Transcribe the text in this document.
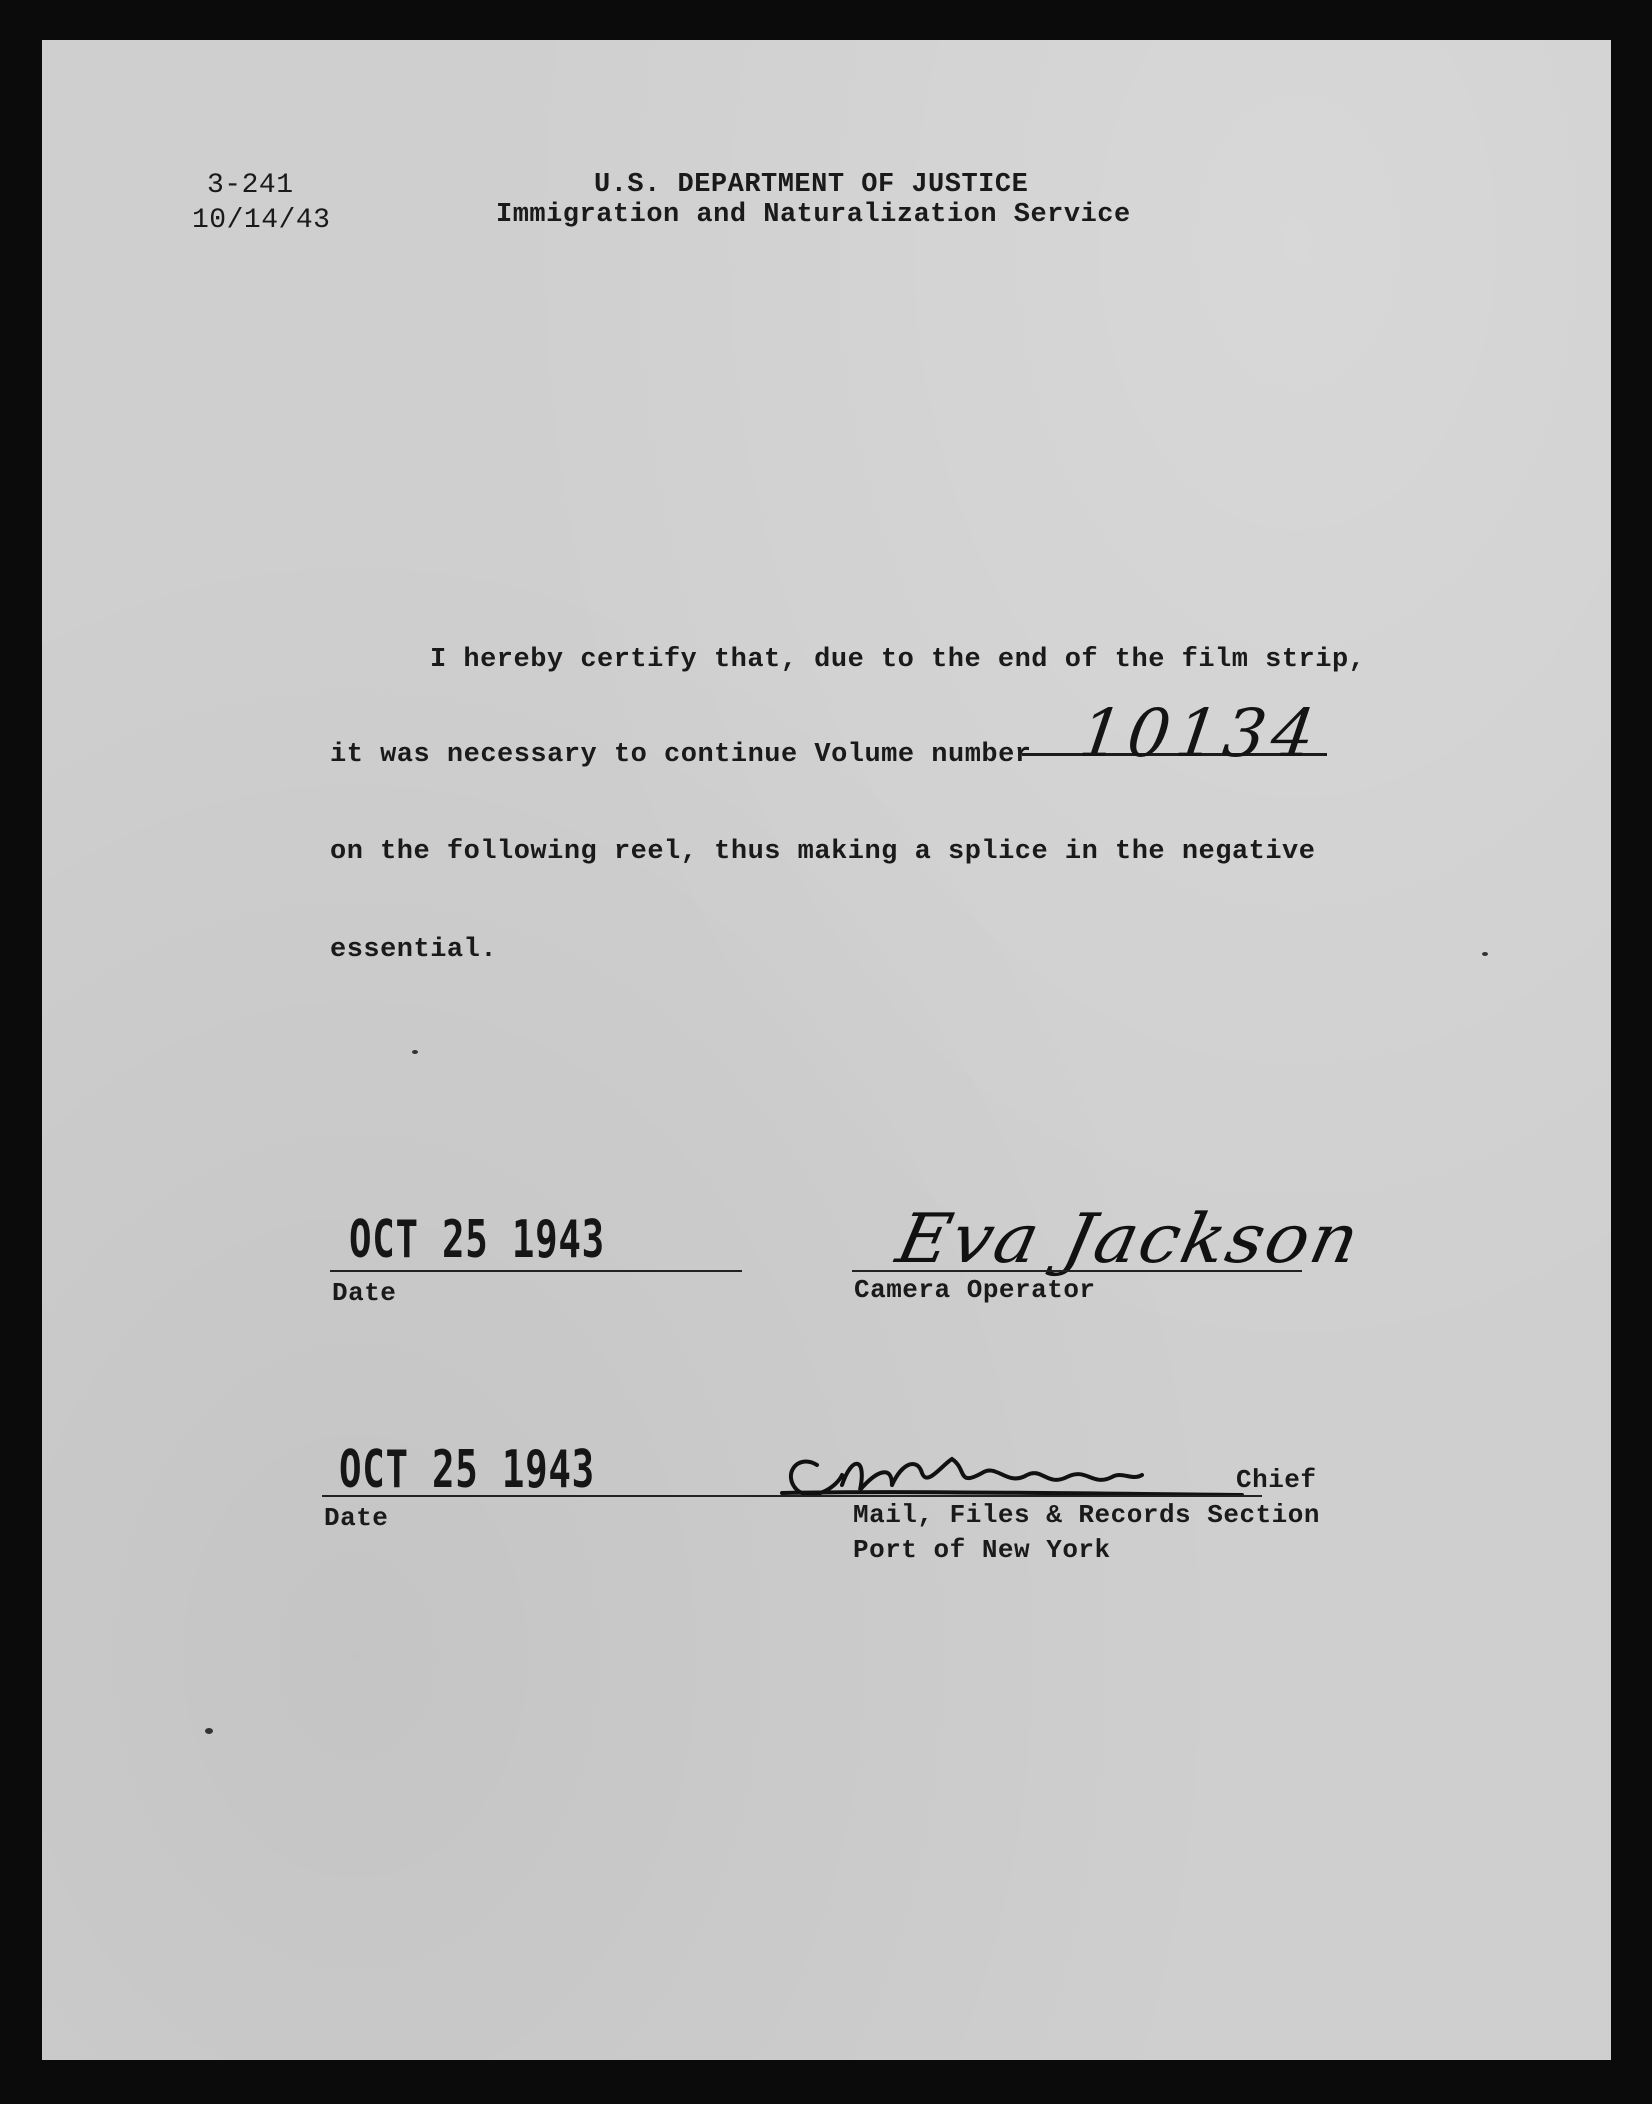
3-241

10/14/43

U.S. DEPARTMENT OF JUSTICE

Immigration and Naturalization Service

I hereby certify that, due to the end of the film strip,

it was necessary to continue Volume number 10134

on the following reel, thus making a splice in the negative

essential.

OCT 25 1943

Date

Eva Jackson

Camera Operator

OCT 25 1943

Date

Chief

Mail, Files & Records Section

Port of New York
